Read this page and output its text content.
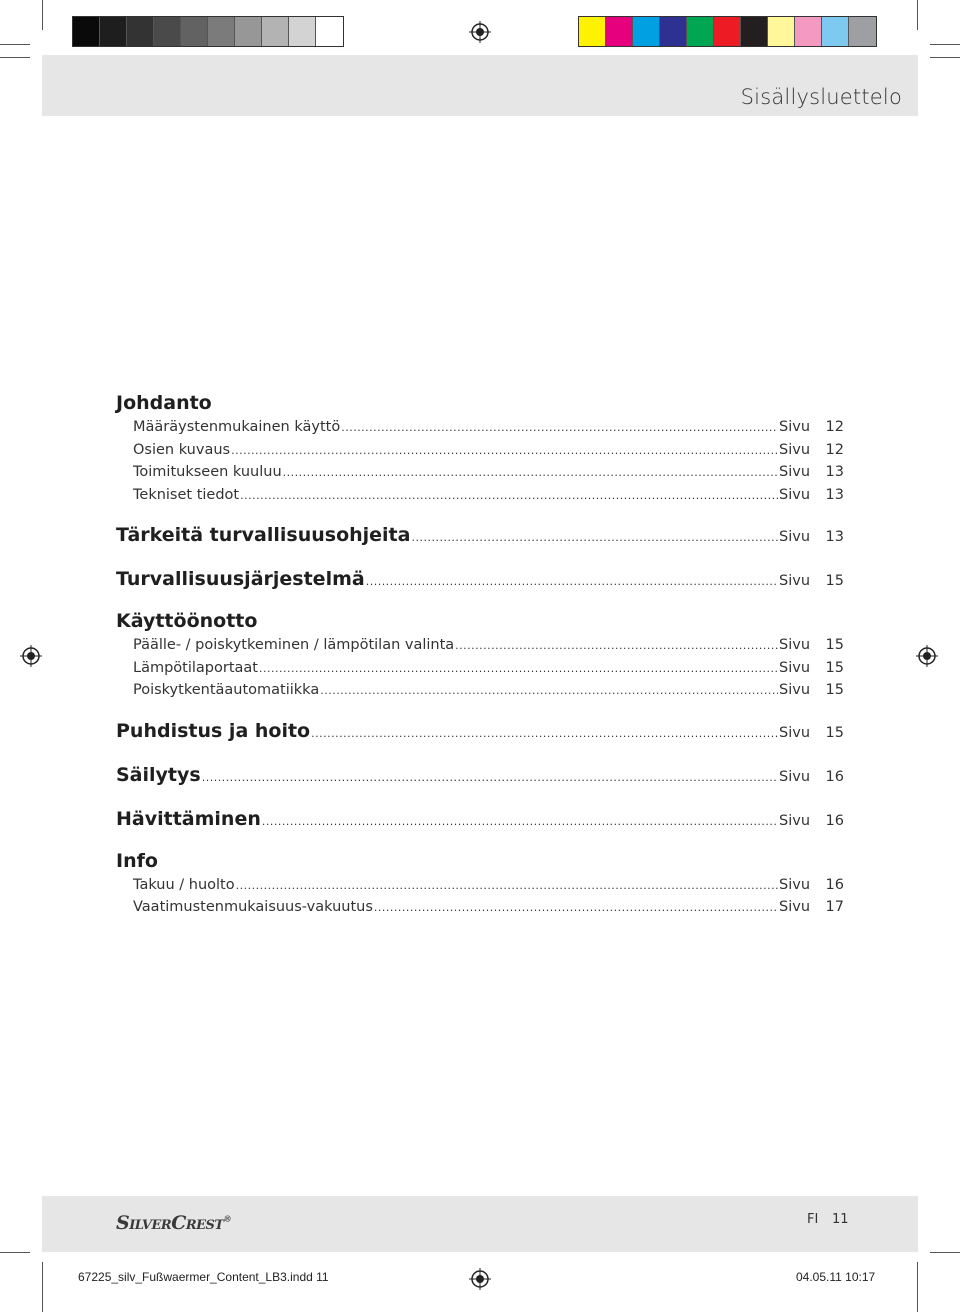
Sisällysluettelo
Johdanto
Määräystenmukainen käyttö .....	Sivu	12
Osien kuvaus .....	Sivu	12
Toimitukseen kuuluu .....	Sivu	13
Tekniset tiedot .....	Sivu	13
Tärkeitä turvallisuusohjeita .....	Sivu	13
Turvallisuusjärjestelmä .....	Sivu	15
Käyttöönotto
Päälle- / poiskytkeminen / lämpötilan valinta .....	Sivu	15
Lämpötilaportaat .....	Sivu	15
Poiskytkentäautomatiikka .....	Sivu	15
Puhdistus ja hoito .....	Sivu	15
Säilytys .....	Sivu	16
Hävittäminen .....	Sivu	16
Info
Takuu / huolto .....	Sivu	16
Vaatimustenmukaisuus-vakuutus .....	Sivu	17
SilverCrest®	FI 11
67225_silv_Fußwaermer_Content_LB3.indd 11	04.05.11 10:17
